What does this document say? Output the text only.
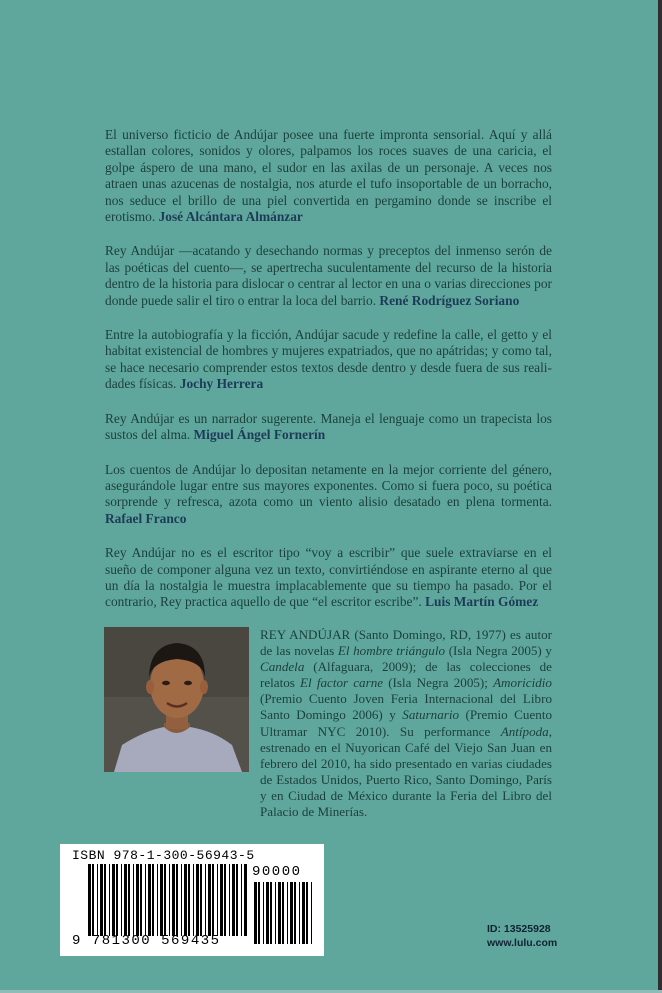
El universo ficticio de Andújar posee una fuerte impronta sensorial. Aquí y allá estallan colores, sonidos y olores, palpamos los roces suaves de una caricia, el golpe áspero de una mano, el sudor en las axilas de un personaje. A veces nos atraen unas azucenas de nostalgia, nos aturde el tufo insoportable de un borracho, nos seduce el brillo de una piel convertida en pergamino donde se inscribe el erotismo. José Alcántara Almánzar

Rey Andújar —acatando y desechando normas y preceptos del inmenso serón de las poéticas del cuento—, se apertrecha suculentamente del recurso de la historia dentro de la historia para dislocar o centrar al lector en una o varias direcciones por donde puede salir el tiro o entrar la loca del barrio. René Rodríguez Soriano

Entre la autobiografía y la ficción, Andújar sacude y redefine la calle, el getto y el habitat existencial de hombres y mujeres expatriados, que no apátridas; y como tal, se hace necesario comprender estos textos desde dentro y desde fuera de sus realidades físicas. Jochy Herrera

Rey Andújar es un narrador sugerente. Maneja el lenguaje como un trapecista los sustos del alma. Miguel Ángel Fornerín

Los cuentos de Andújar lo depositan netamente en la mejor corriente del género, asegurándole lugar entre sus mayores exponentes. Como si fuera poco, su poética sorprende y refresca, azota como un viento alisio desatado en plena tormenta. Rafael Franco

Rey Andújar no es el escritor tipo “voy a escribir” que suele extraviarse en el sueño de componer alguna vez un texto, convirtiéndose en aspirante eterno al que un día la nostalgia le muestra implacablemente que su tiempo ha pasado. Por el contrario, Rey practica aquello de que “el escritor escribe”. Luis Martín Gómez

REY ANDÚJAR (Santo Domingo, RD, 1977) es autor de las novelas El hombre triángulo (Isla Negra 2005) y Candela (Alfaguara, 2009); de las colecciones de relatos El factor carne (Isla Negra 2005); Amoricidio (Premio Cuento Joven Feria Internacional del Libro Santo Domingo 2006) y Saturnario (Premio Cuento Ultramar NYC 2010). Su performance Antípoda, estrenado en el Nuyorican Café del Viejo San Juan en febrero del 2010, ha sido presentado en varias ciudades de Estados Unidos, Puerto Rico, Santo Domingo, París y en Ciudad de México durante la Feria del Libro del Palacio de Minerías.

ISBN 978-1-300-56943-5
90000
9 781300 569435
ID: 13525928
www.lulu.com
